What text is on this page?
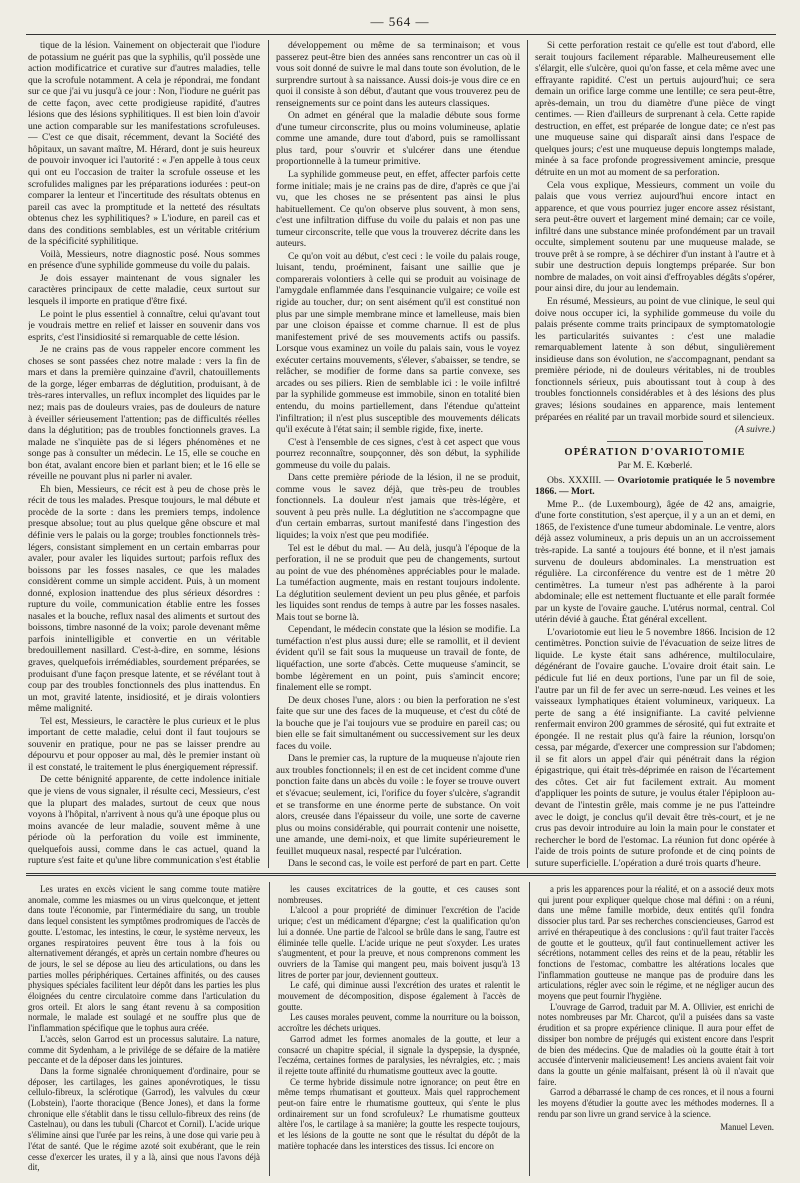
— 564 —

tique de la lésion. Vainement on objecterait que l'iodure de potassium ne guérit pas que la syphilis, qu'il possède une action modificatrice et curative sur d'autres maladies, telle que la scrofule notamment. A cela je répondrai, me fondant sur ce que j'ai vu jusqu'à ce jour : Non, l'iodure ne guérit pas de cette façon, avec cette prodigieuse rapidité, d'autres lésions que des lésions syphilitiques. Il est bien loin d'avoir une action comparable sur les manifestations scrofuleuses. — C'est ce que disait, récemment, devant la Société des hôpitaux, un savant maître, M. Hérard, dont je suis heureux de pouvoir invoquer ici l'autorité : « J'en appelle à tous ceux qui ont eu l'occasion de traiter la scrofule osseuse et les scrofulides malignes par les préparations iodurées : peut-on comparer la lenteur et l'incertitude des résultats obtenus en pareil cas avec la promptitude et la netteté des résultats obtenus chez les syphilitiques? » L'iodure, en pareil cas et dans des conditions semblables, est un véritable critérium de la spécificité syphilitique.

Voilà, Messieurs, notre diagnostic posé. Nous sommes en présence d'une syphilide gommeuse du voile du palais.

Je dois essayer maintenant de vous signaler les caractères principaux de cette maladie, ceux surtout sur lesquels il importe en pratique d'être fixé.

Le point le plus essentiel à connaître, celui qu'avant tout je voudrais mettre en relief et laisser en souvenir dans vos esprits, c'est l'insidiosité si remarquable de cette lésion.

Je ne crains pas de vous rappeler encore comment les choses se sont passées chez notre malade : vers la fin de mars et dans la première quinzaine d'avril, chatouillements de la gorge, léger embarras de déglutition, produisant, à de très-rares intervalles, un reflux incomplet des liquides par le nez; mais pas de douleurs vraies, pas de douleurs de nature à éveiller sérieusement l'attention; pas de difficultés réelles dans la déglutition; pas de troubles fonctionnels graves. La malade ne s'inquiète pas de si légers phénomènes et ne songe pas à consulter un médecin. Le 15, elle se couche en bon état, avalant encore bien et parlant bien; et le 16 elle se réveille ne pouvant plus ni parler ni avaler.

Eh bien, Messieurs, ce récit est à peu de chose près le récit de tous les malades. Presque toujours, le mal débute et procède de la sorte : dans les premiers temps, indolence presque absolue; tout au plus quelque gêne obscure et mal définie vers le palais ou la gorge; troubles fonctionnels très-légers, consistant simplement en un certain embarras pour avaler, pour avaler les liquides surtout; parfois reflux des boissons par les fosses nasales, ce que les malades considèrent comme un simple accident. Puis, à un moment donné, explosion inattendue des plus sérieux désordres : rupture du voile, communication établie entre les fosses nasales et la bouche, reflux nasal des aliments et surtout des boissons, timbre nasonné de la voix; parole devenant même parfois inintelligible et convertie en un véritable bredouillement nasillard. C'est-à-dire, en somme, lésions graves, quelquefois irrémédiables, sourdement préparées, se produisant d'une façon presque latente, et se révélant tout à coup par des troubles fonctionnels des plus inattendus. En un mot, gravité latente, insidiosité, et je dirais volontiers même malignité.

Tel est, Messieurs, le caractère le plus curieux et le plus important de cette maladie, celui dont il faut toujours se souvenir en pratique, pour ne pas se laisser prendre au dépourvu et pour opposer au mal, dès le premier instant où il est constaté, le traitement le plus énergiquement répressif.

De cette bénignité apparente, de cette indolence initiale que je viens de vous signaler, il résulte ceci, Messieurs, c'est que la plupart des malades, surtout de ceux que nous voyons à l'hôpital, n'arrivent à nous qu'à une époque plus ou moins avancée de leur maladie, souvent même à une période où la perforation du voile est imminente, quelquefois aussi, comme dans le cas actuel, quand la rupture s'est faite et qu'une libre communication s'est établie

développement ou même de sa terminaison; et vous passerez peut-être bien des années sans rencontrer un cas où il vous soit donné de suivre le mal dans toute son évolution, de le surprendre surtout à sa naissance. Aussi dois-je vous dire ce en quoi il consiste à son début, d'autant que vous trouverez peu de renseignements sur ce point dans les auteurs classiques.

On admet en général que la maladie débute sous forme d'une tumeur circonscrite, plus ou moins volumineuse, aplatie comme une amande, dure tout d'abord, puis se ramollissant plus tard, pour s'ouvrir et s'ulcérer dans une étendue proportionnelle à la tumeur primitive.

La syphilide gommeuse peut, en effet, affecter parfois cette forme initiale; mais je ne crains pas de dire, d'après ce que j'ai vu, que les choses ne se présentent pas ainsi le plus habituellement. Ce qu'on observe plus souvent, à mon sens, c'est une infiltration diffuse du voile du palais et non pas une tumeur circonscrite, telle que vous la trouverez décrite dans les auteurs.

Ce qu'on voit au début, c'est ceci : le voile du palais rouge, luisant, tendu, proéminent, faisant une saillie que je comparerais volontiers à celle qui se produit au voisinage de l'amygdale enflammée dans l'esquinancie vulgaire; ce voile est rigide au toucher, dur; on sent aisément qu'il est constitué non plus par une simple membrane mince et lamelleuse, mais bien par une cloison épaisse et comme charnue. Il est de plus manifestement privé de ses mouvements actifs ou passifs. Lorsque vous examinez un voile du palais sain, vous le voyez exécuter certains mouvements, s'élever, s'abaisser, se tendre, se relâcher, se modifier de forme dans sa partie convexe, ses arcades ou ses piliers. Rien de semblable ici : le voile infiltré par la syphilide gommeuse est immobile, sinon en totalité bien entendu, du moins partiellement, dans l'étendue qu'atteint l'infiltration; il n'est plus susceptible des mouvements délicats qu'il exécute à l'état sain; il semble rigide, fixe, inerte.

C'est à l'ensemble de ces signes, c'est à cet aspect que vous pourrez reconnaître, soupçonner, dès son début, la syphilide gommeuse du voile du palais.

Dans cette première période de la lésion, il ne se produit, comme vous le savez déjà, que très-peu de troubles fonctionnels. La douleur n'est jamais que très-légère, et souvent à peu près nulle. La déglutition ne s'accompagne que d'un certain embarras, surtout manifesté dans l'ingestion des liquides; la voix n'est que peu modifiée.

Tel est le début du mal. — Au delà, jusqu'à l'époque de la perforation, il ne se produit que peu de changements, surtout au point de vue des phénomènes appréciables pour le malade. La tuméfaction augmente, mais en restant toujours indolente. La déglutition seulement devient un peu plus gênée, et parfois les liquides sont rendus de temps à autre par les fosses nasales. Mais tout se borne là.

Cependant, le médecin constate que la lésion se modifie. La tuméfaction n'est plus aussi dure; elle se ramollit, et il devient évident qu'il se fait sous la muqueuse un travail de fonte, de liquéfaction, une sorte d'abcès. Cette muqueuse s'amincit, se bombe légèrement en un point, puis s'amincit encore; finalement elle se rompt.

De deux choses l'une, alors : ou bien la perforation ne s'est faite que sur une des faces de la muqueuse, et c'est du côté de la bouche que je l'ai toujours vue se produire en pareil cas; ou bien elle se fait simultanément ou successivement sur les deux faces du voile.

Dans le premier cas, la rupture de la muqueuse n'ajoute rien aux troubles fonctionnels; il en est de cet incident comme d'une ponction faite dans un abcès du voile : le foyer se trouve ouvert et s'évacue; seulement, ici, l'orifice du foyer s'ulcère, s'agrandit et se transforme en une énorme perte de substance. On voit alors, creusée dans l'épaisseur du voile, une sorte de caverne plus ou moins considérable, qui pourrait contenir une noisette, une amande, une demi-noix, et que limite supérieurement le feuillet muqueux nasal, respecté par l'ulcération.

Dans le second cas, le voile est perforé de part en part. Cette

Si cette perforation restait ce qu'elle est tout d'abord, elle serait toujours facilement réparable. Malheureusement elle s'élargit, elle s'ulcère, quoi qu'on fasse, et cela même avec une effrayante rapidité. C'est un pertuis aujourd'hui; ce sera demain un orifice large comme une lentille; ce sera peut-être, après-demain, un trou du diamètre d'une pièce de vingt centimes. — Rien d'ailleurs de surprenant à cela. Cette rapide destruction, en effet, est préparée de longue date; ce n'est pas une muqueuse saine qui disparaît ainsi dans l'espace de quelques jours; c'est une muqueuse depuis longtemps malade, minée à sa face profonde progressivement amincie, presque détruite en un mot au moment de sa perforation.

Cela vous explique, Messieurs, comment un voile du palais que vous verriez aujourd'hui encore intact en apparence, et que vous pourriez juger encore assez résistant, sera peut-être ouvert et largement miné demain; car ce voile, infiltré dans une substance minée profondément par un travail occulte, simplement soutenu par une muqueuse malade, se trouve prêt à se rompre, à se déchirer d'un instant à l'autre et à subir une destruction depuis longtemps préparée. Sur bon nombre de malades, on voit ainsi d'effroyables dégâts s'opérer, pour ainsi dire, du jour au lendemain.

En résumé, Messieurs, au point de vue clinique, le seul qui doive nous occuper ici, la syphilide gommeuse du voile du palais présente comme traits principaux de symptomatologie les particularités suivantes : c'est une maladie remarquablement latente à son début, singulièrement insidieuse dans son évolution, ne s'accompagnant, pendant sa première période, ni de douleurs véritables, ni de troubles fonctionnels sérieux, puis aboutissant tout à coup à des troubles fonctionnels considérables et à des lésions des plus graves; lésions soudaines en apparence, mais lentement préparées en réalité par un travail morbide sourd et silencieux.

(A suivre.)

OPÉRATION D'OVARIOTOMIE
Par M. E. Kœberlé.

Obs. XXXIII. — Ovariotomie pratiquée le 5 novembre 1866. — Mort.

Mme P... (de Luxembourg), âgée de 42 ans, amaigrie, d'une forte constitution, s'est aperçue, il y a un an et demi, en 1865, de l'existence d'une tumeur abdominale. Le ventre, alors déjà assez volumineux, a pris depuis un an un accroissement très-rapide. La santé a toujours été bonne, et il n'est jamais survenu de douleurs abdominales. La menstruation est régulière. La circonférence du ventre est de 1 mètre 20 centimètres. La tumeur n'est pas adhérente à la paroi abdominale; elle est nettement fluctuante et elle paraît formée par un kyste de l'ovaire gauche. L'utérus normal, central. Col utérin dévié à gauche. État général excellent.

L'ovariotomie eut lieu le 5 novembre 1866. Incision de 12 centimètres. Ponction suivie de l'évacuation de seize litres de liquide. Le kyste était sans adhérence, multiloculaire, dégénérant de l'ovaire gauche. L'ovaire droit était sain. Le pédicule fut lié en deux portions, l'une par un fil de soie, l'autre par un fil de fer avec un serre-nœud. Les veines et les vaisseaux lymphatiques étaient volumineux, variqueux. La perte de sang a été insignifiante. La cavité pelvienne renfermait environ 200 grammes de sérosité, qui fut extraite et épongée. Il ne restait plus qu'à faire la réunion, lorsqu'on cessa, par mégarde, d'exercer une compression sur l'abdomen; il se fit alors un appel d'air qui pénétrait dans la région épigastrique, qui était très-déprimée en raison de l'écartement des côtes. Cet air fut facilement extrait. Au moment d'appliquer les points de suture, je voulus étaler l'épiploon au-devant de l'intestin grêle, mais comme je ne pus l'atteindre avec le doigt, je conclus qu'il devait être très-court, et je ne crus pas devoir introduire au loin la main pour le constater et rechercher le bord de l'estomac. La réunion fut donc opérée à l'aide de trois points de suture profonde et de cinq points de suture superficielle. L'opération a duré trois quarts d'heure.

Les urates en excès vicient le sang comme toute matière anomale, comme les miasmes ou un virus quelconque, et jettent dans toute l'économie, par l'intermédiaire du sang, un trouble dans lequel consistent les symptômes prodromiques de l'accès de goutte. L'estomac, les intestins, le cœur, le système nerveux, les organes respiratoires peuvent être tous à la fois ou alternativement dérangés, et après un certain nombre d'heures ou de jours, le sel se dépose au lieu des articulations, ou dans les parties molles périphériques. Certaines affinités, ou des causes physiques spéciales facilitent leur dépôt dans les parties les plus éloignées du centre circulatoire comme dans l'articulation du gros orteil. Et alors le sang étant revenu à sa composition normale, le malade est soulagé et ne souffre plus que de l'inflammation spécifique que le tophus aura créée.

L'accès, selon Garrod est un processus salutaire. La nature, comme dit Sydenham, a le privilége de se défaire de la matière peccante et de la déposer dans les jointures.

Dans la forme signalée chroniquement d'ordinaire, pour se déposer, les cartilages, les gaines aponévrotiques, le tissu cellulo-fibreux, la sclérotique (Garrod), les valvules du cœur (Lobstein), l'aorte thoracique (Bence Jones), et dans la forme chronique elle s'établit dans le tissu cellulo-fibreux des reins (de Castelnau), ou dans les tubuli (Charcot et Cornil). L'acide urique s'élimine ainsi que l'urée par les reins, à une dose qui varie peu à l'état de santé. Que le régime azoté soit exubérant, que le rein cesse d'exercer les urates, il y a là, ainsi que nous l'avons déjà dit,

les causes excitatrices de la goutte, et ces causes sont nombreuses.

L'alcool a pour propriété de diminuer l'excrétion de l'acide urique; c'est un médicament d'épargne; c'est la qualification qu'on lui a donnée. Une partie de l'alcool se brûle dans le sang, l'autre est éliminée telle quelle. L'acide urique ne peut s'oxyder. Les urates s'augmentent, et pour la preuve, et nous comprenons comment les ouvriers de la Tamise qui mangent peu, mais boivent jusqu'à 13 litres de porter par jour, deviennent goutteux.

Le café, qui diminue aussi l'excrétion des urates et ralentit le mouvement de décomposition, dispose également à l'accès de goutte.

Les causes morales peuvent, comme la nourriture ou la boisson, accroître les déchets uriques.

Garrod admet les formes anomales de la goutte, et leur a consacré un chapitre spécial, il signale la dyspepsie, la dyspnée, l'eczéma, certaines formes de paralysies, les névralgies, etc. ; mais il rejette toute affinité du rhumatisme goutteux avec la goutte.

Ce terme hybride dissimule notre ignorance; on peut être en même temps rhumatisant et goutteux. Mais quel rapprochement peut-on faire entre le rhumatisme goutteux, qui s'ente le plus ordinairement sur un fond scrofuleux? Le rhumatisme goutteux altère l'os, le cartilage à sa manière; la goutte les respecte toujours, et les lésions de la goutte ne sont que le résultat du dépôt de la matière tophacée dans les interstices des tissus. Ici encore on

a pris les apparences pour la réalité, et on a associé deux mots qui jurent pour expliquer quelque chose mal défini : on a réuni, dans une même famille morbide, deux entités qu'il fondra dissocier plus tard. Par ses recherches consciencieuses, Garrod est arrivé en thérapeutique à des conclusions : qu'il faut traiter l'accès de goutte et le goutteux, qu'il faut continuellement activer les sécrétions, notamment celles des reins et de la peau, rétablir les fonctions de l'estomac, combattre les altérations locales que l'inflammation goutteuse ne manque pas de produire dans les articulations, régler avec soin le régime, et ne négliger aucun des moyens que peut fournir l'hygiène.

L'ouvrage de Garrod, traduit par M. A. Ollivier, est enrichi de notes nombreuses par Mr. Charcot, qu'il a puisées dans sa vaste érudition et sa propre expérience clinique. Il aura pour effet de dissiper bon nombre de préjugés qui existent encore dans l'esprit de bien des médecins. Que de maladies où la goutte était à tort accusée d'intervenir malicieusement! Les anciens avaient fait voir dans la goutte un génie malfaisant, présent là où il n'avait que faire.

Garrod a débarrassé le champ de ces ronces, et il nous a fourni les moyens d'étudier la goutte avec les méthodes modernes. Il a rendu par son livre un grand service à la science.

Manuel Leven.
